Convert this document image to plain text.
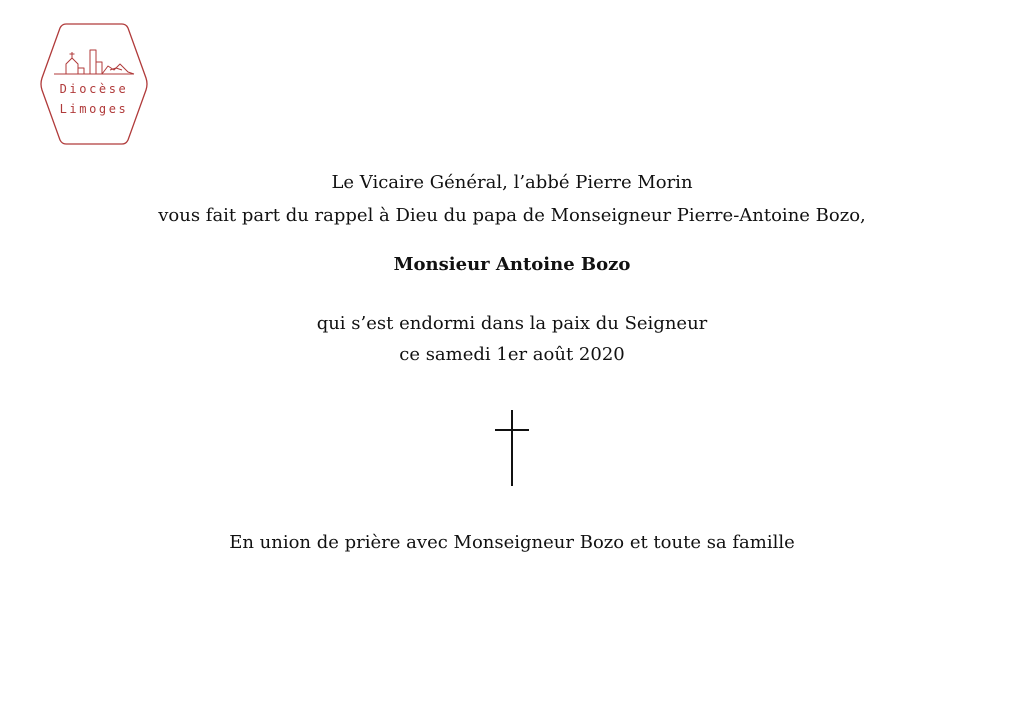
Diocèse
Limoges
Le Vicaire Général, l’abbé Pierre Morin
vous fait part du rappel à Dieu du papa de Monseigneur Pierre-Antoine Bozo,
Monsieur Antoine Bozo
qui s’est endormi dans la paix du Seigneur
ce samedi 1er août 2020
En union de prière avec Monseigneur Bozo et toute sa famille
